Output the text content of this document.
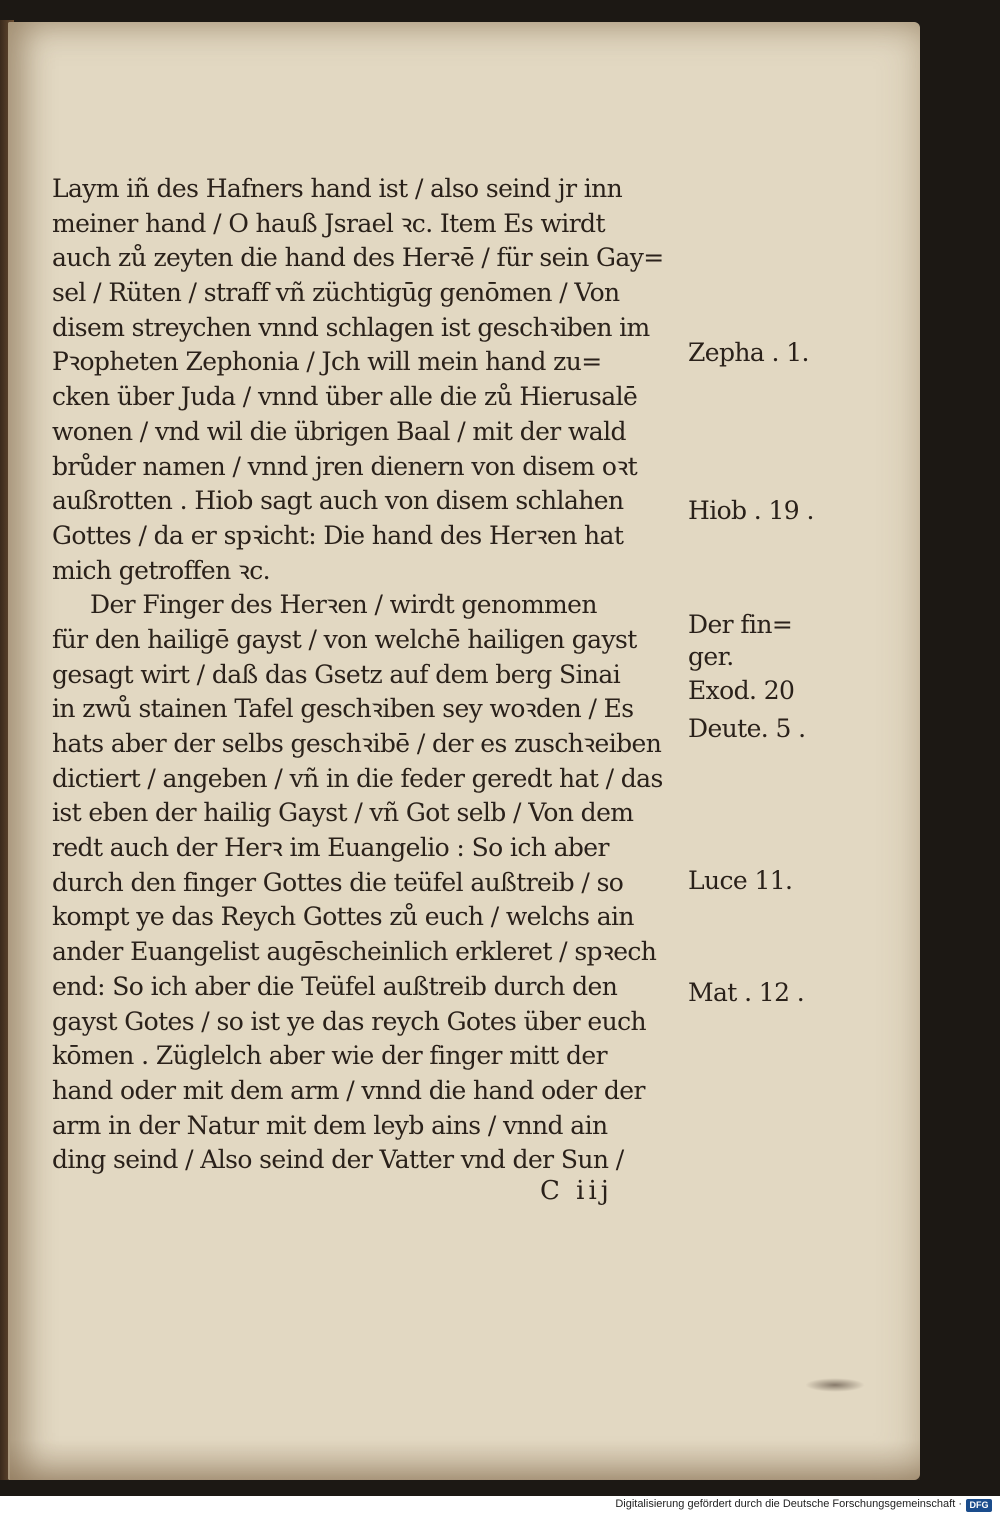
Laym iñ des Hafners hand ist / also seind jr inn
meiner hand / O hauß Jsrael ꝛc. Item Es wirdt
auch zů zeyten die hand des Herꝛē / für sein Gay=
sel / Rüten / straff vñ züchtigūg genōmen / Von
disem streychen vnnd schlagen ist geschꝛiben im
Pꝛopheten Zephonia / Jch will mein hand zu=
cken über Juda / vnnd über alle die zů Hierusalē
wonen / vnd wil die übrigen Baal / mit der wald
brůder namen / vnnd jren dienern von disem oꝛt
außrotten . Hiob sagt auch von disem schlahen
Gottes / da er spꝛicht: Die hand des Herꝛen hat
mich getroffen ꝛc.
Der Finger des Herꝛen / wirdt genommen
für den hailigē gayst / von welchē hailigen gayst
gesagt wirt / daß das Gsetz auf dem berg Sinai
in zwů stainen Tafel geschꝛiben sey woꝛden / Es
hats aber der selbs geschꝛibē / der es zuschꝛeiben
dictiert / angeben / vñ in die feder geredt hat / das
ist eben der hailig Gayst / vñ Got selb / Von dem
redt auch der Herꝛ im Euangelio : So ich aber
durch den finger Gottes die teüfel außtreib / so
kompt ye das Reych Gottes zů euch / welchs ain
ander Euangelist augēscheinlich erkleret / spꝛech
end: So ich aber die Teüfel außtreib durch den
gayst Gotes / so ist ye das reych Gotes über euch
kōmen . Züglelch aber wie der finger mitt der
hand oder mit dem arm / vnnd die hand oder der
arm in der Natur mit dem leyb ains / vnnd ain
ding seind / Also seind der Vatter vnd der Sun /
Zepha . 1.
Hiob . 19 .
Der fin=
ger.
Exod. 20
Deute. 5 .
Luce 11.
Mat . 12 .
C iij
Digitalisierung gefördert durch die Deutsche Forschungsgemeinschaft · DFG
